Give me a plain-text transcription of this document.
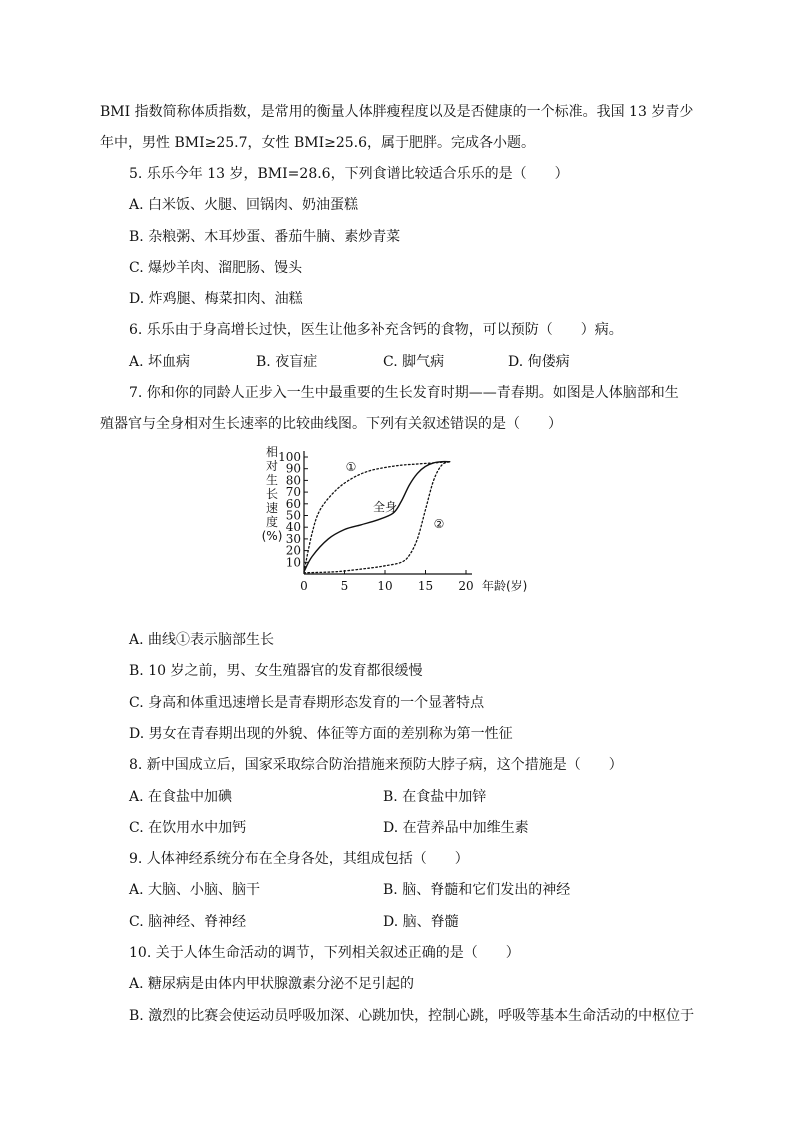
BMI 指数简称体质指数，是常用的衡量人体胖瘦程度以及是否健康的一个标准。我国 13 岁青少
年中，男性 BMI≥25.7，女性 BMI≥25.6，属于肥胖。完成各小题。
5. 乐乐今年 13 岁，BMI=28.6，下列食谱比较适合乐乐的是（　　）
A. 白米饭、火腿、回锅肉、奶油蛋糕
B. 杂粮粥、木耳炒蛋、番茄牛腩、素炒青菜
C. 爆炒羊肉、溜肥肠、馒头
D. 炸鸡腿、梅菜扣肉、油糕
6. 乐乐由于身高增长过快，医生让他多补充含钙的食物，可以预防（　　）病。
A. 坏血病	B. 夜盲症	C. 脚气病	D. 佝偻病
7. 你和你的同龄人正步入一生中最重要的生长发育时期——青春期。如图是人体脑部和生
殖器官与全身相对生长速率的比较曲线图。下列有关叙述错误的是（　　）
10
20
30
40
50
60
70
80
90
100
0	5 10 15 20 年龄(岁)
相
对
生
长
速
度
(%)
①
全身
②
A. 曲线①表示脑部生长
B. 10 岁之前，男、女生殖器官的发育都很缓慢
C. 身高和体重迅速增长是青春期形态发育的一个显著特点
D. 男女在青春期出现的外貌、体征等方面的差别称为第一性征
8. 新中国成立后，国家采取综合防治措施来预防大脖子病，这个措施是（　　）
A. 在食盐中加碘	B. 在食盐中加锌
C. 在饮用水中加钙	D. 在营养品中加维生素
9. 人体神经系统分布在全身各处，其组成包括（　　）
A. 大脑、小脑、脑干	B. 脑、脊髓和它们发出的神经
C. 脑神经、脊神经	D. 脑、脊髓
10. 关于人体生命活动的调节，下列相关叙述正确的是（　　）
A. 糖尿病是由体内甲状腺激素分泌不足引起的
B. 激烈的比赛会使运动员呼吸加深、心跳加快，控制心跳，呼吸等基本生命活动的中枢位于
